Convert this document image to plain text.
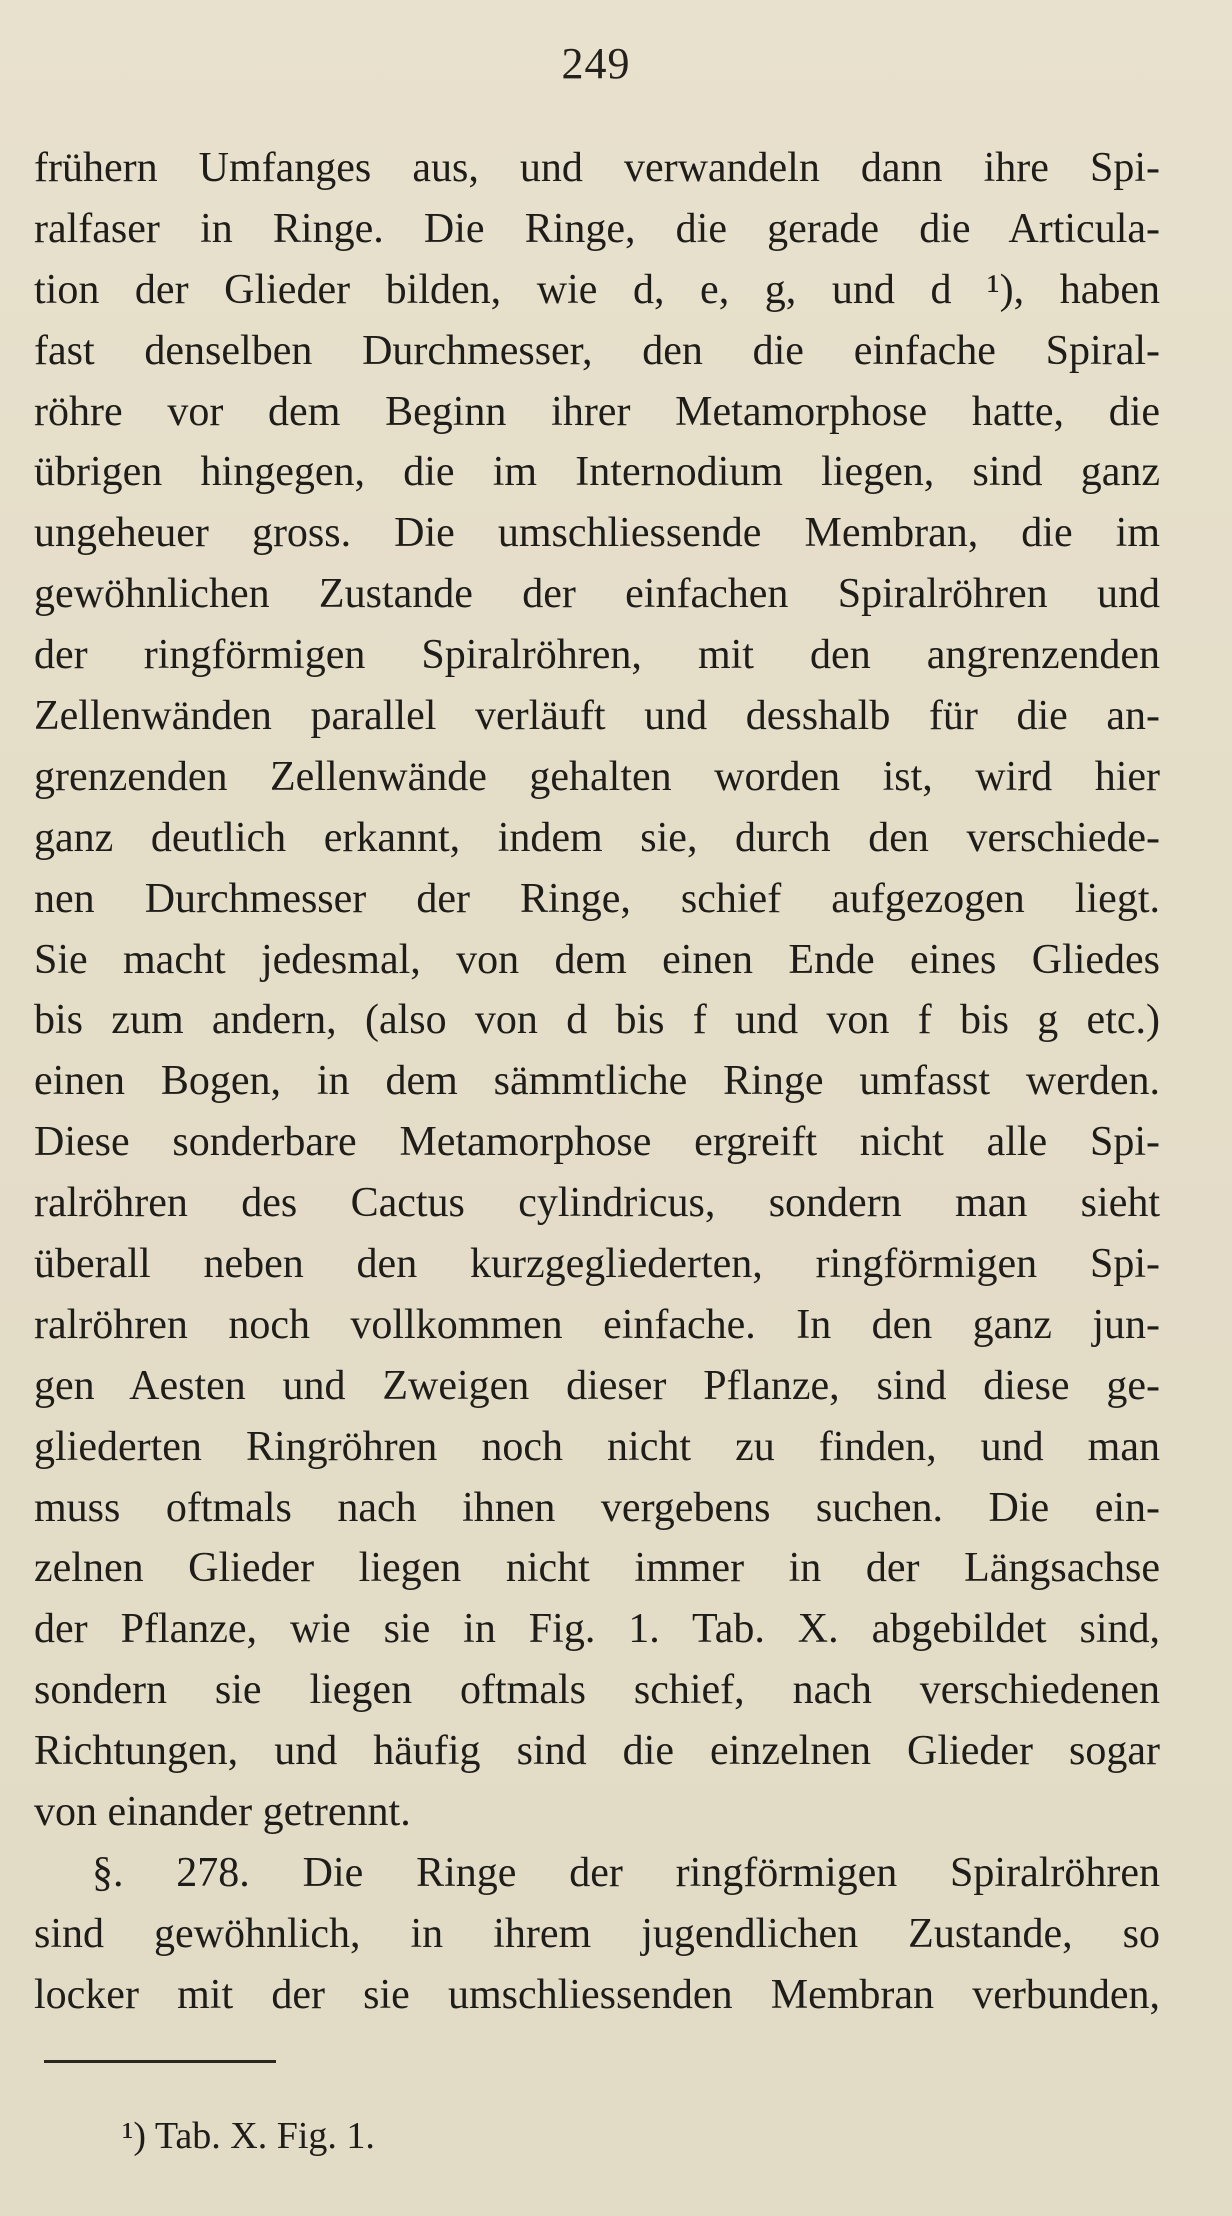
249
frühern Umfanges aus, und verwandeln dann ihre Spi-
ralfaser in Ringe. Die Ringe, die gerade die Articula-
tion der Glieder bilden, wie d, e, g, und d ¹), haben
fast denselben Durchmesser, den die einfache Spiral-
röhre vor dem Beginn ihrer Metamorphose hatte, die
übrigen hingegen, die im Internodium liegen, sind ganz
ungeheuer gross. Die umschliessende Membran, die im
gewöhnlichen Zustande der einfachen Spiralröhren und
der ringförmigen Spiralröhren, mit den angrenzenden
Zellenwänden parallel verläuft und desshalb für die an-
grenzenden Zellenwände gehalten worden ist, wird hier
ganz deutlich erkannt, indem sie, durch den verschiede-
nen Durchmesser der Ringe, schief aufgezogen liegt.
Sie macht jedesmal, von dem einen Ende eines Gliedes
bis zum andern, (also von d bis f und von f bis g etc.)
einen Bogen, in dem sämmtliche Ringe umfasst werden.
Diese sonderbare Metamorphose ergreift nicht alle Spi-
ralröhren des Cactus cylindricus, sondern man sieht
überall neben den kurzgegliederten, ringförmigen Spi-
ralröhren noch vollkommen einfache. In den ganz jun-
gen Aesten und Zweigen dieser Pflanze, sind diese ge-
gliederten Ringröhren noch nicht zu finden, und man
muss oftmals nach ihnen vergebens suchen. Die ein-
zelnen Glieder liegen nicht immer in der Längsachse
der Pflanze, wie sie in Fig. 1. Tab. X. abgebildet sind,
sondern sie liegen oftmals schief, nach verschiedenen
Richtungen, und häufig sind die einzelnen Glieder sogar
von einander getrennt.
§. 278. Die Ringe der ringförmigen Spiralröhren
sind gewöhnlich, in ihrem jugendlichen Zustande, so
locker mit der sie umschliessenden Membran verbunden,
¹) Tab. X. Fig. 1.
